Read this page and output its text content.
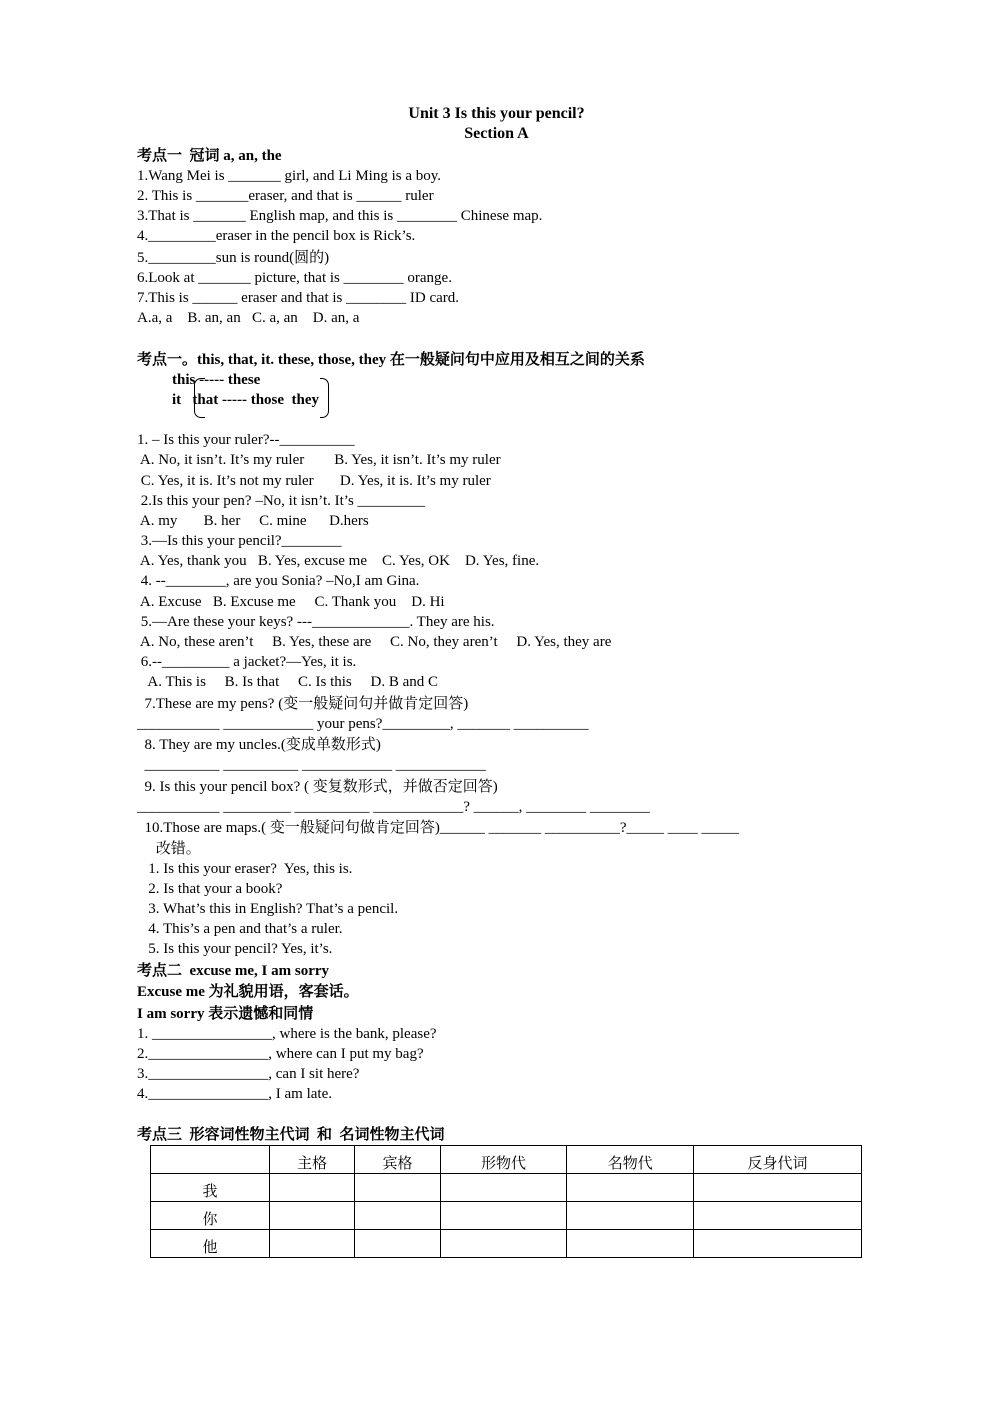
Unit 3 Is this your pencil?
Section A
考点一  冠词 a, an, the
1.Wang Mei is _______ girl, and Li Ming is a boy.
2. This is _______eraser, and that is ______ ruler
3.That is _______ English map, and this is ________ Chinese map.
4._________eraser in the pencil box is Rick’s.
5._________sun is round(圆的)
6.Look at _______ picture, that is ________ orange.
7.This is ______ eraser and that is ________ ID card.
A.a, a    B. an, an   C. a, an    D. an, a
考点一。this, that, it. these, those, they 在一般疑问句中应用及相互之间的关系
this ----- these
it   that ----- those  they
1. – Is this your ruler?--__________
A. No, it isn’t. It’s my ruler        B. Yes, it isn’t. It’s my ruler
C. Yes, it is. It’s not my ruler       D. Yes, it is. It’s my ruler
2.Is this your pen? –No, it isn’t. It’s _________
A. my       B. her     C. mine      D.hers
3.—Is this your pencil?________
A. Yes, thank you   B. Yes, excuse me    C. Yes, OK    D. Yes, fine.
4. --________, are you Sonia? –No,I am Gina.
A. Excuse   B. Excuse me     C. Thank you    D. Hi
5.—Are these your keys? ---_____________. They are his.
A. No, these aren’t     B. Yes, these are     C. No, they aren’t     D. Yes, they are
6.--_________ a jacket?—Yes, it is.
A. This is     B. Is that     C. Is this     D. B and C
7.These are my pens? (变一般疑问句并做肯定回答)
___________ ____________ your pens?_________, _______ __________
8. They are my uncles.(变成单数形式)
__________ __________ ____________ ____________
9. Is this your pencil box? ( 变复数形式，并做否定回答)
___________ _________ __________ ____________? ______, ________ ________
10.Those are maps.( 变一般疑问句做肯定回答)______ _______ __________?_____ ____ _____
改错。
1. Is this your eraser?  Yes, this is.
2. Is that your a book?
3. What’s this in English? That’s a pencil.
4. This’s a pen and that’s a ruler.
5. Is this your pencil? Yes, it’s.
考点二  excuse me, I am sorry
Excuse me 为礼貌用语，客套话。
I am sorry 表示遗憾和同情
1. ________________, where is the bank, please?
2.________________, where can I put my bag?
3.________________, can I sit here?
4.________________, I am late.
考点三  形容词性物主代词  和  名词性物主代词
	主格	宾格	形物代	名物代	反身代词
我					
你					
他					
